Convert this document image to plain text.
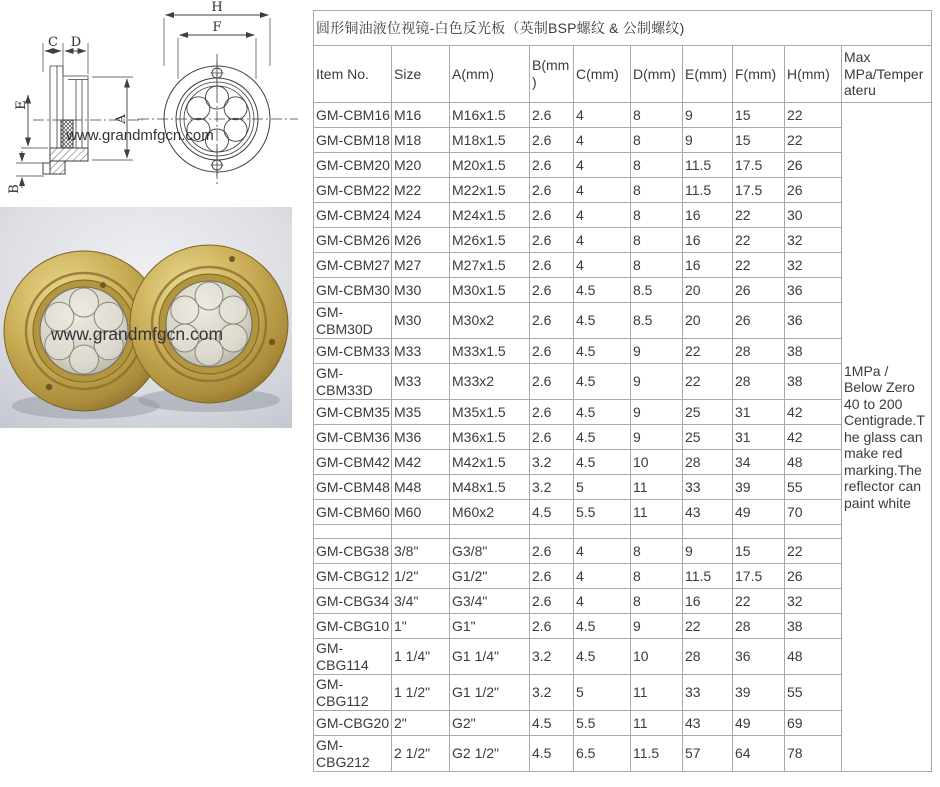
C D
E
B
A
H
F
www.grandmfgcn.com
www.grandmfgcn.com
圆形铜油液位视镜-白色反光板（英制BSP螺纹 & 公制螺纹)									
Item No.	Size	A(mm)	B(mm)	C(mm)	D(mm)	E(mm)	F(mm)	H(mm)	Max MPa/Temperateru
GM-CBM16	M16	M16x1.5	2.6	4	8	9	15	22	1MPa / Below Zero 40 to 200 Centigrade.The glass can make red marking.The reflector can paint white
GM-CBM18	M18	M18x1.5	2.6	4	8	9	15	22	
GM-CBM20	M20	M20x1.5	2.6	4	8	11.5	17.5	26	
GM-CBM22	M22	M22x1.5	2.6	4	8	11.5	17.5	26	
GM-CBM24	M24	M24x1.5	2.6	4	8	16	22	30	
GM-CBM26	M26	M26x1.5	2.6	4	8	16	22	32	
GM-CBM27	M27	M27x1.5	2.6	4	8	16	22	32	
GM-CBM30	M30	M30x1.5	2.6	4.5	8.5	20	26	36	
GM-CBM30D	M30	M30x2	2.6	4.5	8.5	20	26	36	
GM-CBM33	M33	M33x1.5	2.6	4.5	9	22	28	38	
GM-CBM33D	M33	M33x2	2.6	4.5	9	22	28	38	
GM-CBM35	M35	M35x1.5	2.6	4.5	9	25	31	42	
GM-CBM36	M36	M36x1.5	2.6	4.5	9	25	31	42	
GM-CBM42	M42	M42x1.5	3.2	4.5	10	28	34	48	
GM-CBM48	M48	M48x1.5	3.2	5	11	33	39	55	
GM-CBM60	M60	M60x2	4.5	5.5	11	43	49	70	

GM-CBG38	3/8"	G3/8"	2.6	4	8	9	15	22	
GM-CBG12	1/2"	G1/2"	2.6	4	8	11.5	17.5	26	
GM-CBG34	3/4"	G3/4"	2.6	4	8	16	22	32	
GM-CBG10	1"	G1"	2.6	4.5	9	22	28	38	
GM-CBG114	1 1/4"	G1 1/4"	3.2	4.5	10	28	36	48	
GM-CBG112	1 1/2"	G1 1/2"	3.2	5	11	33	39	55	
GM-CBG20	2"	G2"	4.5	5.5	11	43	49	69	
GM-CBG212	2 1/2"	G2 1/2"	4.5	6.5	11.5	57	64	78	
